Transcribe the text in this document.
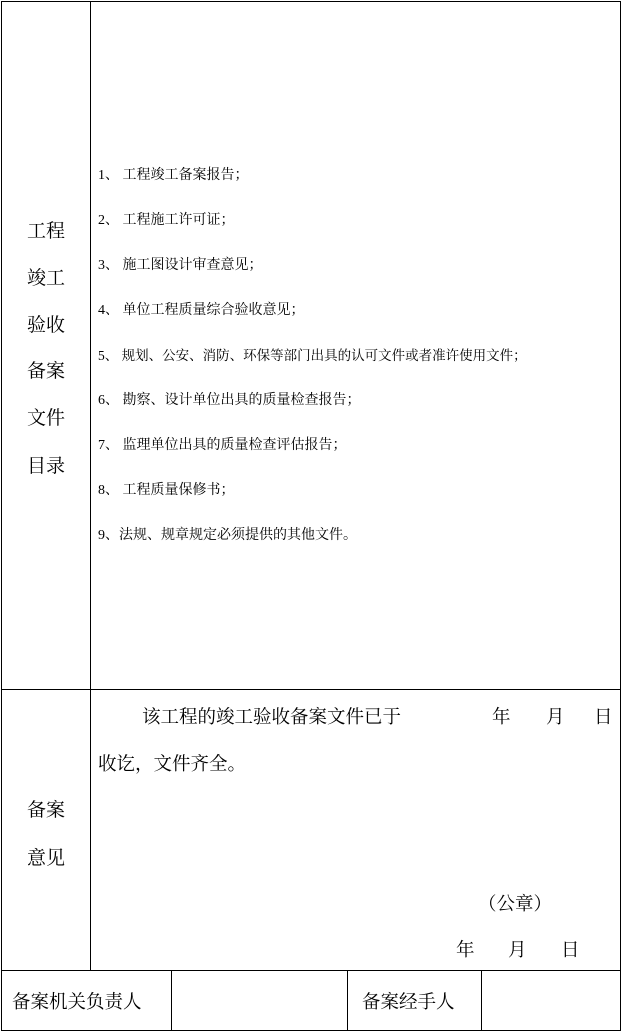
工程
竣工
验收
备案
文件
目录
1、 工程竣工备案报告；
2、 工程施工许可证；
3、 施工图设计审查意见；
4、 单位工程质量综合验收意见；
5、 规划、公安、消防、环保等部门出具的认可文件或者准许使用文件；
6、 勘察、设计单位出具的质量检查报告；
7、 监理单位出具的质量检查评估报告；
8、 工程质量保修书；
9、法规、规章规定必须提供的其他文件。
备案
意见
该工程的竣工验收备案文件已于	年 月 日
收讫，文件齐全。
（公章）
年 月 日
备案机关负责人	备案经手人
